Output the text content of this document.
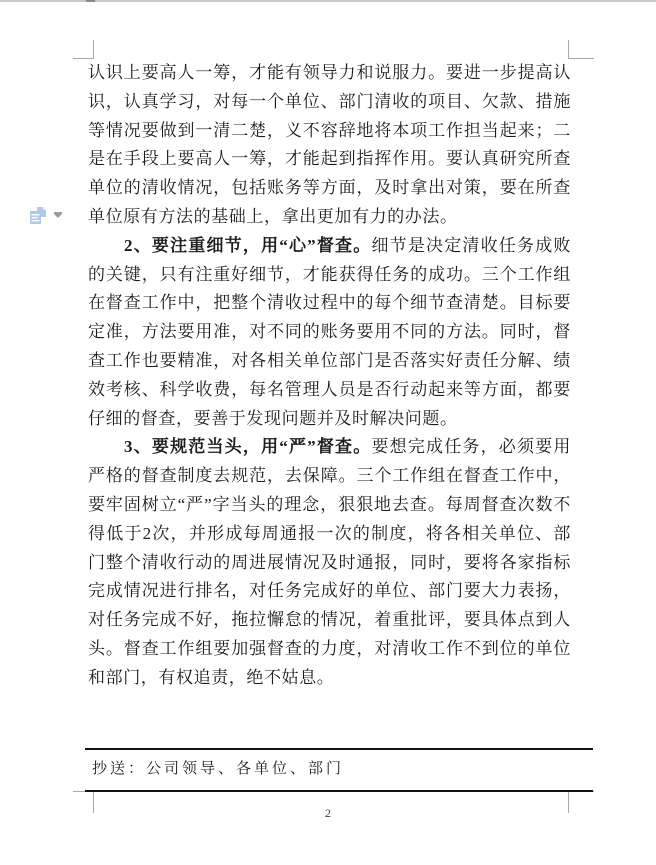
认识上要高人一筹，才能有领导力和说服力。要进一步提高认识，认真学习，对每一个单位、部门清收的项目、欠款、措施等情况要做到一清二楚，义不容辞地将本项工作担当起来；二是在手段上要高人一筹，才能起到指挥作用。要认真研究所查单位的清收情况，包括账务等方面，及时拿出对策，要在所查单位原有方法的基础上，拿出更加有力的办法。

2、要注重细节，用“心”督查。细节是决定清收任务成败的关键，只有注重好细节，才能获得任务的成功。三个工作组在督查工作中，把整个清收过程中的每个细节查清楚。目标要定准，方法要用准，对不同的账务要用不同的方法。同时，督查工作也要精准，对各相关单位部门是否落实好责任分解、绩效考核、科学收费，每名管理人员是否行动起来等方面，都要仔细的督查，要善于发现问题并及时解决问题。

3、要规范当头，用“严”督查。要想完成任务，必须要用严格的督查制度去规范，去保障。三个工作组在督查工作中，要牢固树立“严”字当头的理念，狠狠地去查。每周督查次数不得低于2次，并形成每周通报一次的制度，将各相关单位、部门整个清收行动的周进展情况及时通报，同时，要将各家指标完成情况进行排名，对任务完成好的单位、部门要大力表扬，对任务完成不好，拖拉懈怠的情况，着重批评，要具体点到人头。督查工作组要加强督查的力度，对清收工作不到位的单位和部门，有权追责，绝不姑息。

抄送：公司领导、各单位、部门
2
